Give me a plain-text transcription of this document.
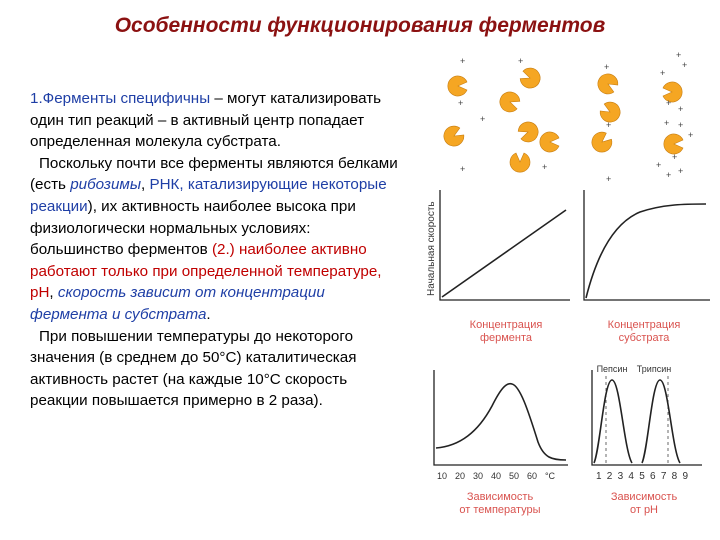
Особенности функционирования ферментов

1.Ферменты специфичны – могут катализировать один тип реакций – в активный центр попадает определенная молекула субстрата.

Поскольку почти все ферменты являются белками (есть рибозимы, РНК, катализирующие некоторые реакции), их активность наиболее высока при физиологически нормальных условиях: большинство ферментов (2.) наиболее активно работают только при определенной температуре, pH, скорость зависит от концентрации фермента и субстрата.

При повышении температуры до некоторого значения (в среднем до 50°C) каталитическая активность растет (на каждые 10°C скорость реакции повышается примерно в 2 раза).

+	+
+
+
+
+
+	+
+
+
+
+
+
+
+ +
+
+
+
+
+
Начальная скорость
Концентрация
фермента
Концентрация
субстрата
10 20 30 40 50 60 °C
Зависимость
от температуры
Пепсин Трипсин
123456789
Зависимость
от pH
